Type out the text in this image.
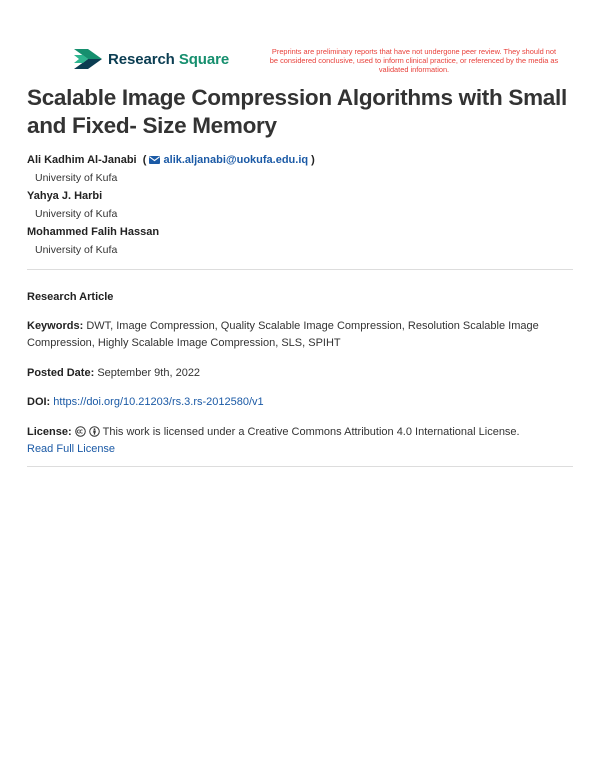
Research Square	Preprints are preliminary reports that have not undergone peer review. They should not be considered conclusive, used to inform clinical practice, or referenced by the media as validated information.
Scalable Image Compression Algorithms with Small and Fixed- Size Memory
Ali Kadhim Al-Janabi  (  alik.aljanabi@uokufa.edu.iq )
University of Kufa
Yahya J. Harbi
University of Kufa
Mohammed Falih Hassan
University of Kufa
Research Article
Keywords: DWT, Image Compression, Quality Scalable Image Compression, Resolution Scalable Image Compression, Highly Scalable Image Compression, SLS, SPIHT
Posted Date: September 9th, 2022
DOI: https://doi.org/10.21203/rs.3.rs-2012580/v1
License:	This work is licensed under a Creative Commons Attribution 4.0 International License.
Read Full License
